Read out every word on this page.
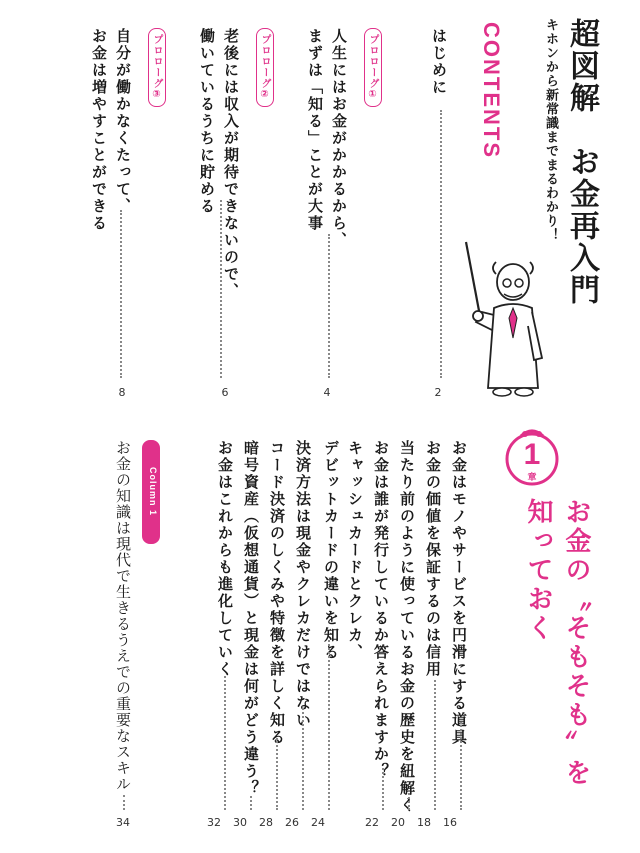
キホンから新常識までまるわかり！ 超図解　お金再入門
CONTENTS
はじめに
2
プロローグ①
人生にはお金がかかるから、
まずは「知る」ことが大事
4
プロローグ②
老後には収入が期待できないので、
働いているうちに貯める
6
プロローグ③
自分が働かなくたって、
お金は増やすことができる
8
1
章
お金の〝そもそも〟を
知っておく
お金はモノやサービスを円滑にする道具
16
お金の価値を保証するのは信用
18
当たり前のように使っているお金の歴史を紐解く
20
お金は誰が発行しているか答えられますか？
22
キャッシュカードとクレカ、
デビットカードの違いを知る
24
決済方法は現金やクレカだけではない
26
コード決済のしくみや特徴を詳しく知る
28
暗号資産（仮想通貨）と現金は何がどう違う？
30
お金はこれからも進化していく
32
Column 1
お金の知識は現代で生きるうえでの重要なスキル
34
